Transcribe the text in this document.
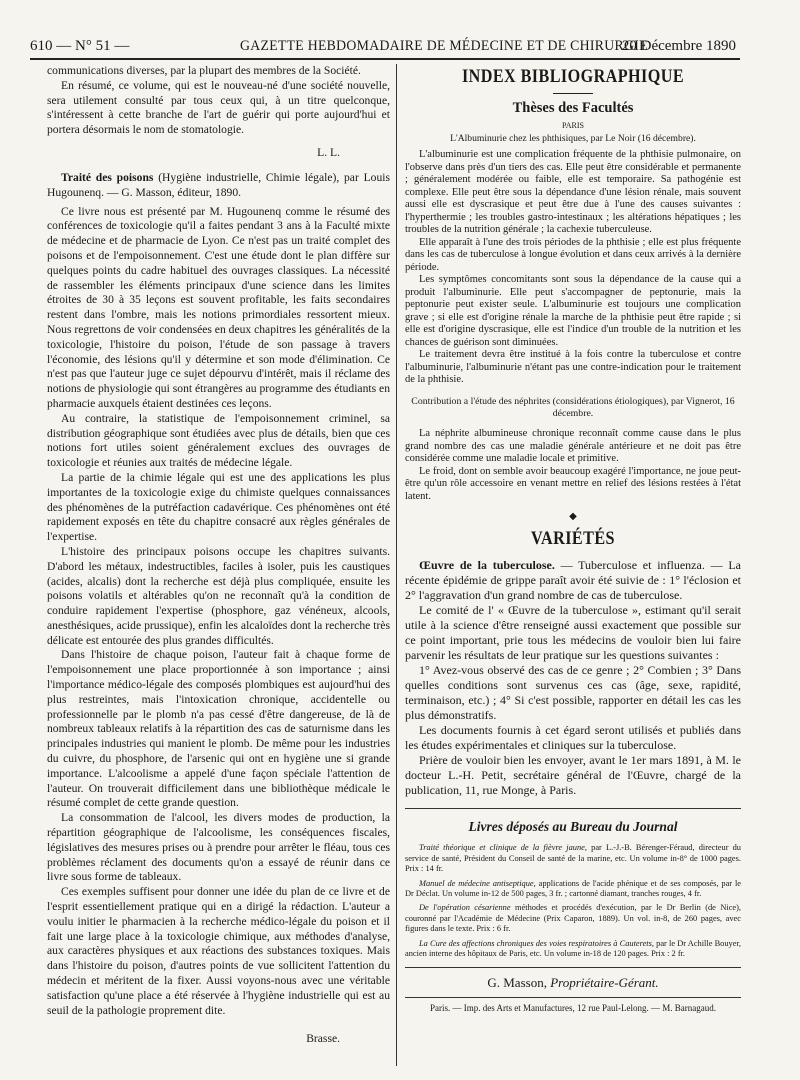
610 — N° 51 —	GAZETTE HEBDOMADAIRE DE MÉDECINE ET DE CHIRURGIE
20 Décembre 1890

communications diverses, par la plupart des membres de la Société.

En résumé, ce volume, qui est le nouveau-né d'une société nouvelle, sera utilement consulté par tous ceux qui, à un titre quelconque, s'intéressent à cette branche de l'art de guérir qui porte aujourd'hui et portera désormais le nom de stomatologie.

L. L.

Traité des poisons (Hygiène industrielle, Chimie légale), par Louis Hugounenq. — G. Masson, éditeur, 1890.

Ce livre nous est présenté par M. Hugounenq comme le résumé des conférences de toxicologie qu'il a faites pendant 3 ans à la Faculté mixte de médecine et de pharmacie de Lyon. Ce n'est pas un traité complet des poisons et de l'empoisonnement. C'est une étude dont le plan diffère sur quelques points du cadre habituel des ouvrages classiques. La nécessité de rassembler les éléments principaux d'une science dans les limites étroites de 30 à 35 leçons est souvent profitable, les faits secondaires restent dans l'ombre, mais les notions primordiales ressortent mieux. Nous regrettons de voir condensées en deux chapitres les généralités de la toxicologie, l'histoire du poison, l'étude de son passage à travers l'économie, des lésions qu'il y détermine et son mode d'élimination. Ce n'est pas que l'auteur juge ce sujet dépourvu d'intérêt, mais il réclame des notions de physiologie qui sont étrangères au programme des étudiants en pharmacie auxquels étaient destinées ces leçons.

Au contraire, la statistique de l'empoisonnement criminel, sa distribution géographique sont étudiées avec plus de détails, bien que ces notions fort utiles soient généralement exclues des ouvrages de toxicologie et réunies aux traités de médecine légale.

La partie de la chimie légale qui est une des applications les plus importantes de la toxicologie exige du chimiste quelques connaissances des phénomènes de la putréfaction cadavérique. Ces phénomènes ont été rapidement exposés en tête du chapitre consacré aux règles générales de l'expertise.

L'histoire des principaux poisons occupe les chapitres suivants. D'abord les métaux, indestructibles, faciles à isoler, puis les caustiques (acides, alcalis) dont la recherche est déjà plus compliquée, ensuite les poisons volatils et altérables qu'on ne reconnaît qu'à la condition de conduire rapidement l'expertise (phosphore, gaz vénéneux, alcools, anesthésiques, acide prussique), enfin les alcaloïdes dont la recherche très délicate est entourée des plus grandes difficultés.

Dans l'histoire de chaque poison, l'auteur fait à chaque forme de l'empoisonnement une place proportionnée à son importance ; ainsi l'importance médico-légale des composés plombiques est aujourd'hui des plus restreintes, mais l'intoxication chronique, accidentelle ou professionnelle par le plomb n'a pas cessé d'être dangereuse, de là de nombreux tableaux relatifs à la répartition des cas de saturnisme dans les principales industries qui manient le plomb. De même pour les industries du cuivre, du phosphore, de l'arsenic qui ont en hygiène une si grande importance. L'alcoolisme a appelé d'une façon spéciale l'attention de l'auteur. On trouverait difficilement dans une bibliothèque médicale le résumé complet de cette grande question.

La consommation de l'alcool, les divers modes de production, la répartition géographique de l'alcoolisme, les conséquences fiscales, législatives des mesures prises ou à prendre pour arrêter le fléau, tous ces problèmes réclament des documents qu'on a essayé de réunir dans ce livre sous forme de tableaux.

Ces exemples suffisent pour donner une idée du plan de ce livre et de l'esprit essentiellement pratique qui en a dirigé la rédaction. L'auteur a voulu initier le pharmacien à la recherche médico-légale du poison et il fait une large place à la toxicologie chimique, aux méthodes d'analyse, aux caractères physiques et aux réactions des substances toxiques. Mais dans l'histoire du poison, d'autres points de vue sollicitent l'attention du médecin et méritent de la fixer. Aussi voyons-nous avec une véritable satisfaction qu'une place a été réservée à l'hygiène industrielle qui est au seuil de la pathologie proprement dite.

Brasse.
INDEX BIBLIOGRAPHIQUE
Thèses des Facultés
PARIS
L'Albuminurie chez les phthisiques, par Le Noir (16 décembre).

L'albuminurie est une complication fréquente de la phthisie pulmonaire, on l'observe dans près d'un tiers des cas. Elle peut être considérable et permanente ; généralement modérée ou faible, elle est temporaire. Sa pathogénie est complexe. Elle peut être sous la dépendance d'une lésion rénale, mais souvent aussi elle est dyscrasique et peut être due à l'une des causes suivantes : l'hyperthermie ; les troubles gastro-intestinaux ; les altérations hépatiques ; les troubles de la nutrition générale ; la cachexie tuberculeuse.

Elle apparaît à l'une des trois périodes de la phthisie ; elle est plus fréquente dans les cas de tuberculose à longue évolution et dans ceux arrivés à la dernière période.

Les symptômes concomitants sont sous la dépendance de la cause qui a produit l'albuminurie. Elle peut s'accompagner de peptonurie, mais la peptonurie peut exister seule. L'albuminurie est toujours une complication grave ; si elle est d'origine rénale la marche de la phthisie peut être rapide ; si elle est d'origine dyscrasique, elle est l'indice d'un trouble de la nutrition et les chances de guérison sont diminuées.

Le traitement devra être institué à la fois contre la tuberculose et contre l'albuminurie, l'albuminurie n'étant pas une contre-indication pour le traitement de la phthisie.

Contribution a l'étude des néphrites (considérations étiologiques), par Vignerot, 16 décembre.

La néphrite albumineuse chronique reconnaît comme cause dans le plus grand nombre des cas une maladie générale antérieure et ne doit pas être considérée comme une maladie locale et primitive.

Le froid, dont on semble avoir beaucoup exagéré l'importance, ne joue peut-être qu'un rôle accessoire en venant mettre en relief des lésions restées à l'état latent.

◆
VARIÉTÉS

Œuvre de la tuberculose. — Tuberculose et influenza. — La récente épidémie de grippe paraît avoir été suivie de : 1° l'éclosion et 2° l'aggravation d'un grand nombre de cas de tuberculose.

Le comité de l' « Œuvre de la tuberculose », estimant qu'il serait utile à la science d'être renseigné aussi exactement que possible sur ce point important, prie tous les médecins de vouloir bien lui faire parvenir les résultats de leur pratique sur les questions suivantes :

1° Avez-vous observé des cas de ce genre ; 2° Combien ; 3° Dans quelles conditions sont survenus ces cas (âge, sexe, rapidité, terminaison, etc.) ; 4° Si c'est possible, rapporter en détail les cas les plus démonstratifs.

Les documents fournis à cet égard seront utilisés et publiés dans les études expérimentales et cliniques sur la tuberculose.

Prière de vouloir bien les envoyer, avant le 1er mars 1891, à M. le docteur L.-H. Petit, secrétaire général de l'Œuvre, chargé de la publication, 11, rue Monge, à Paris.

Livres déposés au Bureau du Journal

Traité théorique et clinique de la fièvre jaune, par L.-J.-B. Bérenger-Féraud, directeur du service de santé, Président du Conseil de santé de la marine, etc. Un volume in-8° de 1000 pages. Prix : 14 fr.

Manuel de médecine antiseptique, applications de l'acide phénique et de ses composés, par le Dr Déclat. Un volume in-12 de 500 pages, 3 fr. ; cartonné diamant, tranches rouges, 4 fr.

De l'opération césarienne méthodes et procédés d'exécution, par le Dr Berlin (de Nice), couronné par l'Académie de Médecine (Prix Caparon, 1889). Un vol. in-8, de 260 pages, avec figures dans le texte. Prix : 6 fr.

La Cure des affections chroniques des voies respiratoires à Cauterets, par le Dr Achille Bouyer, ancien interne des hôpitaux de Paris, etc. Un volume in-18 de 120 pages. Prix : 2 fr.

G. Masson, Propriétaire-Gérant.
Paris. — Imp. des Arts et Manufactures, 12 rue Paul-Lelong. — M. Barnagaud.
